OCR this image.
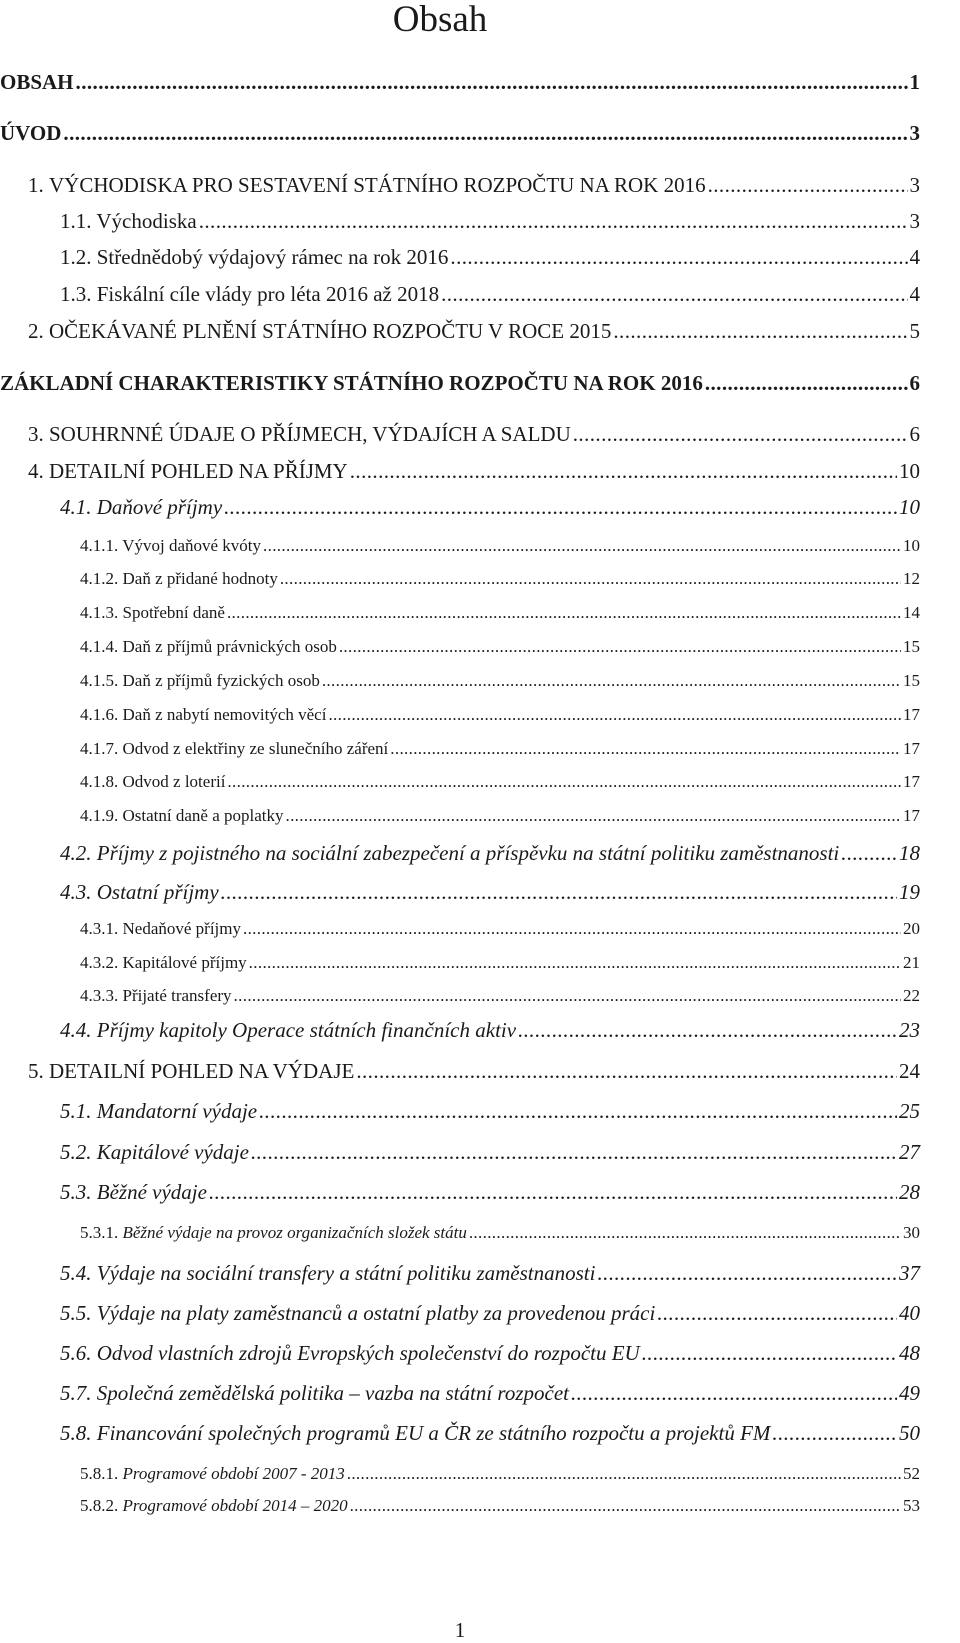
Obsah
OBSAH .....	1
ÚVOD .....	3
1. VÝCHODISKA PRO SESTAVENÍ STÁTNÍHO ROZPOČTU NA ROK 2016 .....	3
1.1. Východiska .....	3
1.2. Střednědobý výdajový rámec na rok 2016 .....	4
1.3. Fiskální cíle vlády pro léta 2016 až 2018 .....	4
2. OČEKÁVANÉ PLNĚNÍ STÁTNÍHO ROZPOČTU V ROCE 2015 .....	5
ZÁKLADNÍ CHARAKTERISTIKY STÁTNÍHO ROZPOČTU NA ROK 2016 .....	6
3. SOUHRNNÉ ÚDAJE O PŘÍJMECH, VÝDAJÍCH A SALDU .....	6
4. DETAILNÍ POHLED NA PŘÍJMY .....	10
4.1. Daňové příjmy .....	10
4.1.1. Vývoj daňové kvóty .....	10
4.1.2. Daň z přidané hodnoty .....	12
4.1.3. Spotřební daně .....	14
4.1.4. Daň z příjmů právnických osob .....	15
4.1.5. Daň z příjmů fyzických osob .....	15
4.1.6. Daň z nabytí nemovitých věcí .....	17
4.1.7. Odvod z elektřiny ze slunečního záření .....	17
4.1.8. Odvod z loterií .....	17
4.1.9. Ostatní daně a poplatky .....	17
4.2. Příjmy z pojistného na sociální zabezpečení a příspěvku na státní politiku zaměstnanosti .....	18
4.3. Ostatní příjmy .....	19
4.3.1. Nedaňové příjmy .....	20
4.3.2. Kapitálové příjmy .....	21
4.3.3. Přijaté transfery .....	22
4.4. Příjmy kapitoly Operace státních finančních aktiv .....	23
5. DETAILNÍ POHLED NA VÝDAJE .....	24
5.1. Mandatorní výdaje .....	25
5.2. Kapitálové výdaje .....	27
5.3. Běžné výdaje .....	28
5.3.1. Běžné výdaje na provoz organizačních složek státu .....	30
5.4. Výdaje na sociální transfery a státní politiku zaměstnanosti .....	37
5.5. Výdaje na platy zaměstnanců a ostatní platby za provedenou práci .....	40
5.6. Odvod vlastních zdrojů Evropských společenství do rozpočtu EU .....	48
5.7. Společná zemědělská politika – vazba na státní rozpočet .....	49
5.8. Financování společných programů EU a ČR ze státního rozpočtu a projektů FM .....	50
5.8.1. Programové období 2007 - 2013 .....	52
5.8.2. Programové období 2014 – 2020 .....	53
1
